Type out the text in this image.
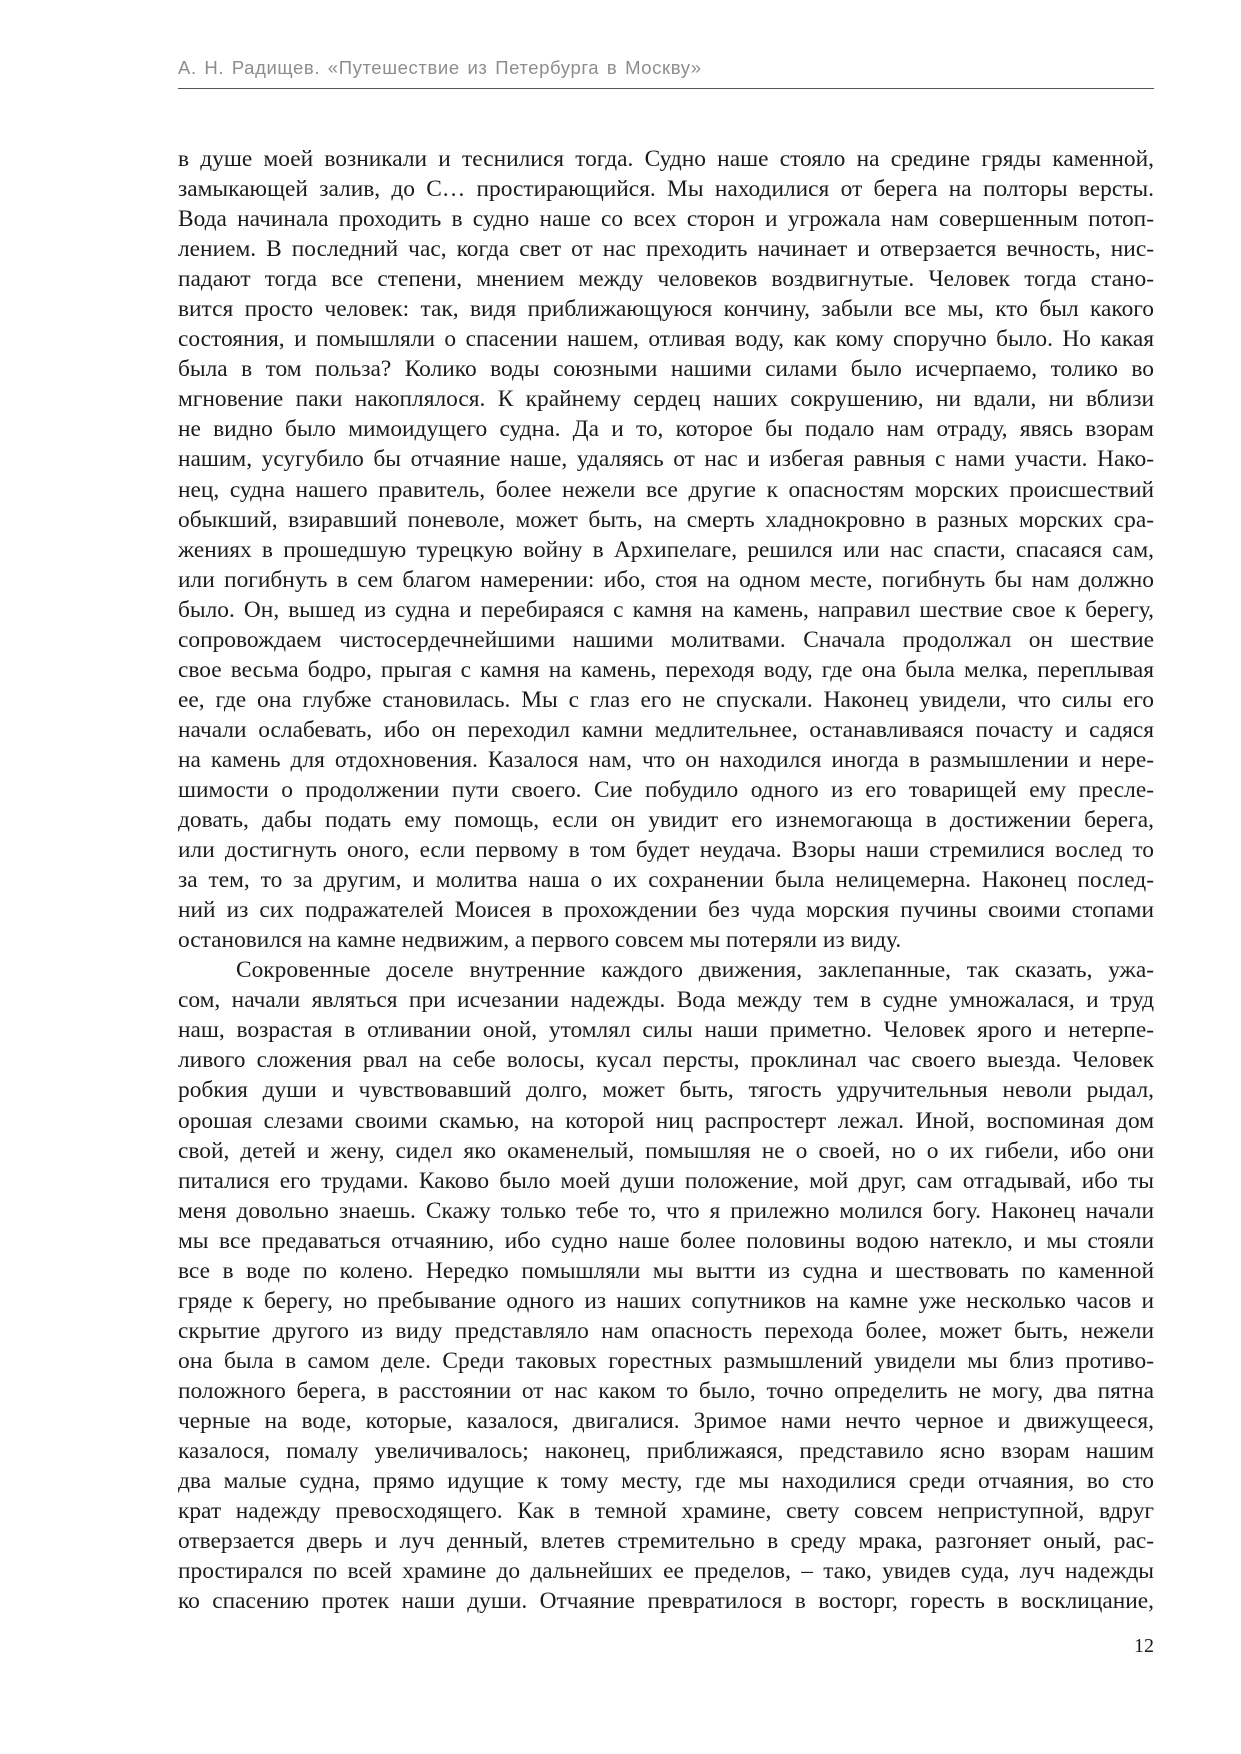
А. Н. Радищев. «Путешествие из Петербурга в Москву»
в душе моей возникали и теснилися тогда. Судно наше стояло на средине гряды каменной,
замыкающей залив, до С… простирающийся. Мы находилися от берега на полторы версты.
Вода начинала проходить в судно наше со всех сторон и угрожала нам совершенным потоп-
лением. В последний час, когда свет от нас преходить начинает и отверзается вечность, нис-
падают тогда все степени, мнением между человеков воздвигнутые. Человек тогда стано-
вится просто человек: так, видя приближающуюся кончину, забыли все мы, кто был какого
состояния, и помышляли о спасении нашем, отливая воду, как кому споручно было. Но какая
была в том польза? Колико воды союзными нашими силами было исчерпаемо, толико во
мгновение паки накоплялося. К крайнему сердец наших сокрушению, ни вдали, ни вблизи
не видно было мимоидущего судна. Да и то, которое бы подало нам отраду, явясь взорам
нашим, усугубило бы отчаяние наше, удаляясь от нас и избегая равныя с нами участи. Нако-
нец, судна нашего правитель, более нежели все другие к опасностям морских происшествий
обыкший, взиравший поневоле, может быть, на смерть хладнокровно в разных морских сра-
жениях в прошедшую турецкую войну в Архипелаге, решился или нас спасти, спасаяся сам,
или погибнуть в сем благом намерении: ибо, стоя на одном месте, погибнуть бы нам должно
было. Он, вышед из судна и перебираяся с камня на камень, направил шествие свое к берегу,
сопровождаем чистосердечнейшими нашими молитвами. Сначала продолжал он шествие
свое весьма бодро, прыгая с камня на камень, переходя воду, где она была мелка, переплывая
ее, где она глубже становилась. Мы с глаз его не спускали. Наконец увидели, что силы его
начали ослабевать, ибо он переходил камни медлительнее, останавливаяся почасту и садяся
на камень для отдохновения. Казалося нам, что он находился иногда в размышлении и нере-
шимости о продолжении пути своего. Сие побудило одного из его товарищей ему преслe-
довать, дабы подать ему помощь, если он увидит его изнемогающа в достижении берега,
или достигнуть оного, если первому в том будет неудача. Взоры наши стремилися вослед то
за тем, то за другим, и молитва наша о их сохранении была нелицемерна. Наконец послед-
ний из сих подражателей Моисея в прохождении без чуда морския пучины своими стопами
остановился на камне недвижим, а первого совсем мы потеряли из виду.
Сокровенные доселе внутренние каждого движения, заклепанные, так сказать, ужа-
сом, начали являться при исчезании надежды. Вода между тем в судне умножалася, и труд
наш, возрастая в отливании оной, утомлял силы наши приметно. Человек ярого и нетерпе-
ливого сложения рвал на себе волосы, кусал персты, проклинал час своего выезда. Человек
робкия души и чувствовавший долго, может быть, тягость удручительныя неволи рыдал,
орошая слезами своими скамью, на которой ниц распростерт лежал. Иной, воспоминая дом
свой, детей и жену, сидел яко окаменелый, помышляя не о своей, но о их гибели, ибо они
питалися его трудами. Каково было моей души положение, мой друг, сам отгадывай, ибо ты
меня довольно знаешь. Скажу только тебе то, что я прилежно молился богу. Наконец начали
мы все предаваться отчаянию, ибо судно наше более половины водою натекло, и мы стояли
все в воде по колено. Нередко помышляли мы вытти из судна и шествовать по каменной
гряде к берегу, но пребывание одного из наших сопутников на камне уже несколько часов и
скрытие другого из виду представляло нам опасность перехода более, может быть, нежели
она была в самом деле. Среди таковых горестных размышлений увидели мы близ противо-
положного берега, в расстоянии от нас каком то было, точно определить не могу, два пятна
черные на воде, которые, казалося, двигалися. Зримое нами нечто черное и движущееся,
казалося, помалу увеличивалось; наконец, приближаяся, представило ясно взорам нашим
два малые судна, прямо идущие к тому месту, где мы находилися среди отчаяния, во сто
крат надежду превосходящего. Как в темной храмине, свету совсем неприступной, вдруг
отверзается дверь и луч денный, влетев стремительно в среду мрака, разгоняет оный, рас-
простирался по всей храмине до дальнейших ее пределов, – тако, увидев суда, луч надежды
ко спасению протек наши души. Отчаяние превратилося в восторг, горесть в восклицание,
12
